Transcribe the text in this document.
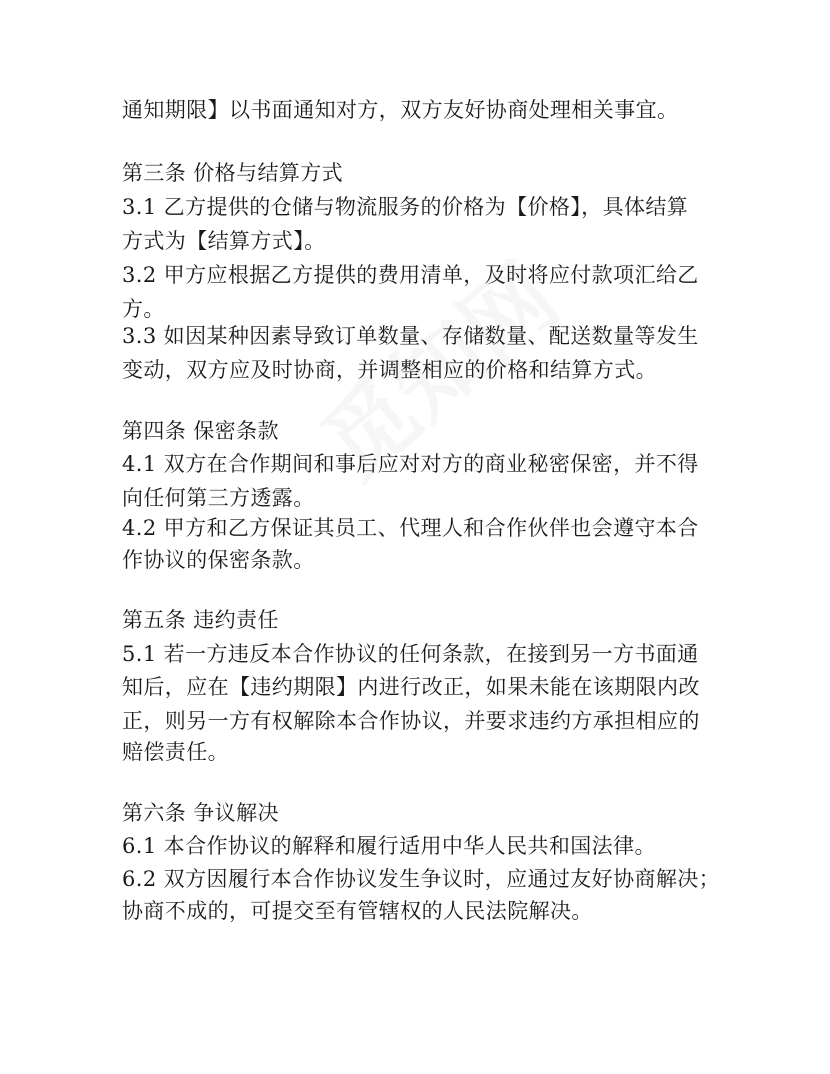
通知期限】以书面通知对方，双方友好协商处理相关事宜。
第三条 价格与结算方式
3.1 乙方提供的仓储与物流服务的价格为【价格】，具体结算
方式为【结算方式】。
3.2 甲方应根据乙方提供的费用清单，及时将应付款项汇给乙
方。
3.3 如因某种因素导致订单数量、存储数量、配送数量等发生
变动，双方应及时协商，并调整相应的价格和结算方式。
第四条 保密条款
4.1 双方在合作期间和事后应对对方的商业秘密保密，并不得
向任何第三方透露。
4.2 甲方和乙方保证其员工、代理人和合作伙伴也会遵守本合
作协议的保密条款。
第五条 违约责任
5.1 若一方违反本合作协议的任何条款，在接到另一方书面通
知后，应在【违约期限】内进行改正，如果未能在该期限内改
正，则另一方有权解除本合作协议，并要求违约方承担相应的
赔偿责任。
第六条 争议解决
6.1 本合作协议的解释和履行适用中华人民共和国法律。
6.2 双方因履行本合作协议发生争议时，应通过友好协商解决；
协商不成的，可提交至有管辖权的人民法院解决。
